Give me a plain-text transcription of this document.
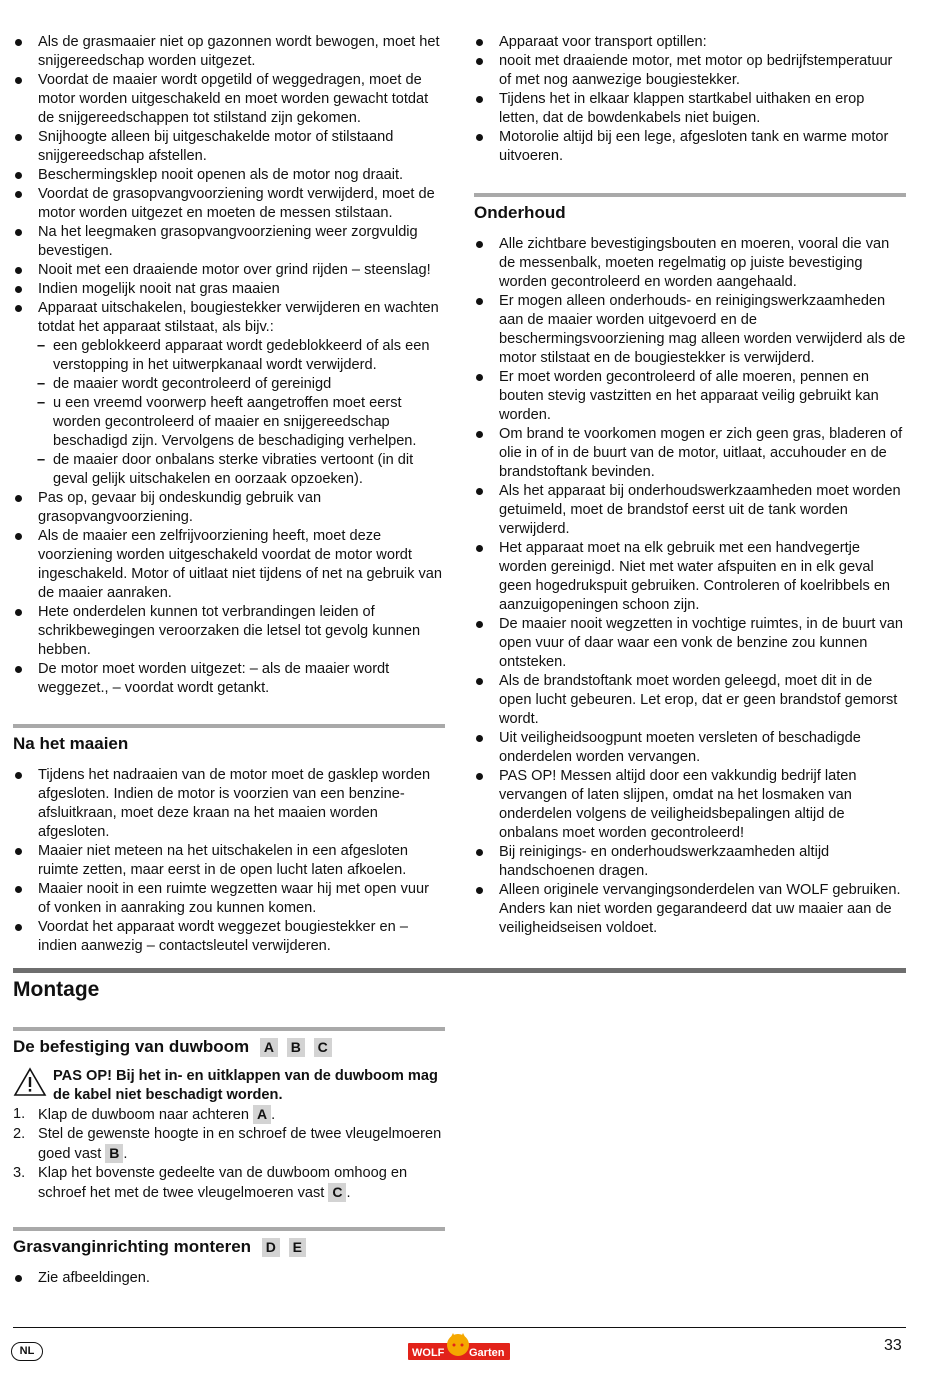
Als de grasmaaier niet op gazonnen wordt bewogen, moet het snijgereedschap worden uitgezet.
Voordat de maaier wordt opgetild of weggedragen, moet de motor worden uitgeschakeld en moet worden gewacht totdat de snijgereedschappen tot stilstand zijn gekomen.
Snijhoogte alleen bij uitgeschakelde motor of stilstaand snijgereedschap afstellen.
Beschermingsklep nooit openen als de motor nog draait.
Voordat de grasopvangvoorziening wordt verwijderd, moet de motor worden uitgezet en moeten de messen stilstaan.
Na het leegmaken grasopvangvoorziening weer zorgvuldig bevestigen.
Nooit met een draaiende motor over grind rijden – steenslag!
Indien mogelijk nooit nat gras maaien
Apparaat uitschakelen, bougiestekker verwijderen en wachten totdat het apparaat stilstaat, als bijv.:
– een geblokkeerd apparaat wordt gedeblokkeerd of als een verstopping in het uitwerpkanaal wordt verwijderd.
– de maaier wordt gecontroleerd of gereinigd
– u een vreemd voorwerp heeft aangetroffen moet eerst worden gecontroleerd of maaier en snijgereedschap beschadigd zijn. Vervolgens de beschadiging verhelpen.
– de maaier door onbalans sterke vibraties vertoont (in dit geval gelijk uitschakelen en oorzaak opzoeken).
Pas op, gevaar bij ondeskundig gebruik van grasopvangvoorziening.
Als de maaier een zelfrijvoorziening heeft, moet deze voorziening worden uitgeschakeld voordat de motor wordt ingeschakeld. Motor of uitlaat niet tijdens of net na gebruik van de maaier aanraken.
Hete onderdelen kunnen tot verbrandingen leiden of schrikbewegingen veroorzaken die letsel tot gevolg kunnen hebben.
De motor moet worden uitgezet: – als de maaier wordt weggezet., – voordat wordt getankt.
Na het maaien
Tijdens het nadraaien van de motor moet de gasklep worden afgesloten. Indien de motor is voorzien van een benzine-afsluitkraan, moet deze kraan na het maaien worden afgesloten.
Maaier niet meteen na het uitschakelen in een afgesloten ruimte zetten, maar eerst in de open lucht laten afkoelen.
Maaier nooit in een ruimte wegzetten waar hij met open vuur of vonken in aanraking zou kunnen komen.
Voordat het apparaat wordt weggezet bougiestekker en – indien aanwezig – contactsleutel verwijderen.
Apparaat voor transport optillen:
nooit met draaiende motor, met motor op bedrijfstemperatuur of met nog aanwezige bougiestekker.
Tijdens het in elkaar klappen startkabel uithaken en erop letten, dat de bowdenkabels niet buigen.
Motorolie altijd bij een lege, afgesloten tank en warme motor uitvoeren.
Onderhoud
Alle zichtbare bevestigingsbouten en moeren, vooral die van de messenbalk, moeten regelmatig op juiste bevestiging worden gecontroleerd en worden aangehaald.
Er mogen alleen onderhouds- en reinigingswerkzaamheden aan de maaier worden uitgevoerd en de beschermingsvoorziening mag alleen worden verwijderd als de motor stilstaat en de bougiestekker is verwijderd.
Er moet worden gecontroleerd of alle moeren, pennen en bouten stevig vastzitten en het apparaat veilig gebruikt kan worden.
Om brand te voorkomen mogen er zich geen gras, bladeren of olie in of in de buurt van de motor, uitlaat, accuhouder en de brandstoftank bevinden.
Als het apparaat bij onderhoudswerkzaamheden moet worden getuimeld, moet de brandstof eerst uit de tank worden verwijderd.
Het apparaat moet na elk gebruik met een handvegertje worden gereinigd. Niet met water afspuiten en in elk geval geen hogedrukspuit gebruiken. Controleren of koelribbels en aanzuigopeningen schoon zijn.
De maaier nooit wegzetten in vochtige ruimtes, in de buurt van open vuur of daar waar een vonk de benzine zou kunnen ontsteken.
Als de brandstoftank moet worden geleegd, moet dit in de open lucht gebeuren. Let erop, dat er geen brandstof gemorst wordt.
Uit veiligheidsoogpunt moeten versleten of beschadigde onderdelen worden vervangen.
PAS OP! Messen altijd door een vakkundig bedrijf laten vervangen of laten slijpen, omdat na het losmaken van onderdelen volgens de veiligheidsbepalingen altijd de onbalans moet worden gecontroleerd!
Bij reinigings- en onderhoudswerkzaamheden altijd handschoenen dragen.
Alleen originele vervangingsonderdelen van WOLF gebruiken. Anders kan niet worden gegarandeerd dat uw maaier aan de veiligheidseisen voldoet.
Montage
De befestiging van duwboom A B C
PAS OP! Bij het in- en uitklappen van de duwboom mag de kabel niet beschadigt worden.
1. Klap de duwboom naar achteren A .
2. Stel de gewenste hoogte in en schroef de twee vleugelmoeren goed vast B .
3. Klap het bovenste gedeelte van de duwboom omhoog en schroef het met de twee vleugelmoeren vast C .
Grasvanginrichting monteren D E
Zie afbeeldingen.
NL	WOLF Garten	33
